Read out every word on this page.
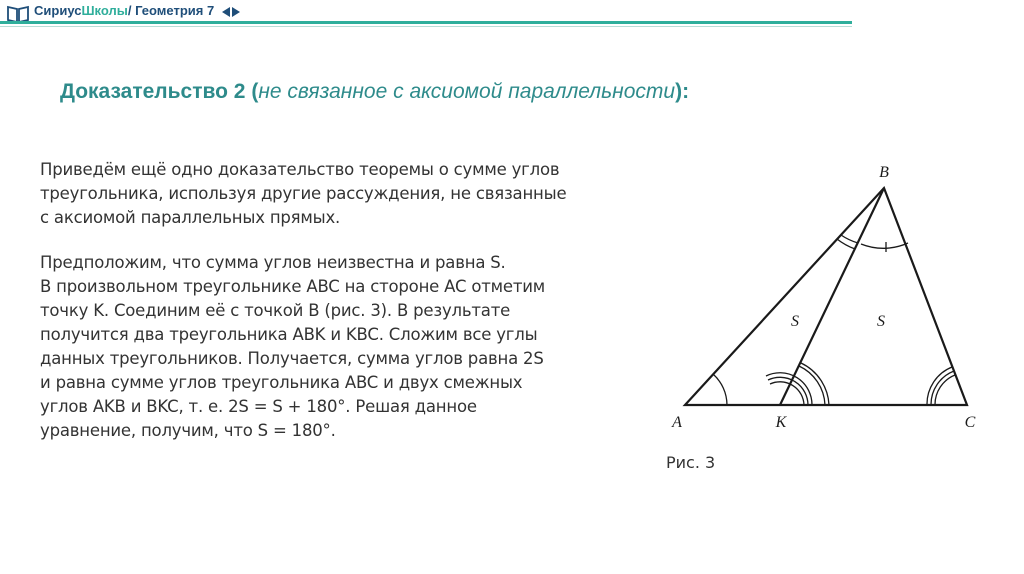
СириусШколы/ Геометрия 7
Доказательство 2 (не связанное с аксиомой параллельности):
Приведём ещё одно доказательство теоремы о сумме углов
треугольника, используя другие рассуждения, не связанные
с аксиомой параллельных прямых.
Предположим, что сумма углов неизвестна и равна S.
В произвольном треугольнике ABC на стороне AC отметим
точку K. Соединим её с точкой B (рис. 3). В результате
получится два треугольника ABK и KBC. Сложим все углы
данных треугольников. Получается, сумма углов равна 2S
и равна сумме углов треугольника ABC и двух смежных
углов AKB и BKC, т. е. 2S = S + 180°. Решая данное
уравнение, получим, что S = 180°.
B
A	K	C
S	S
Рис. 3
